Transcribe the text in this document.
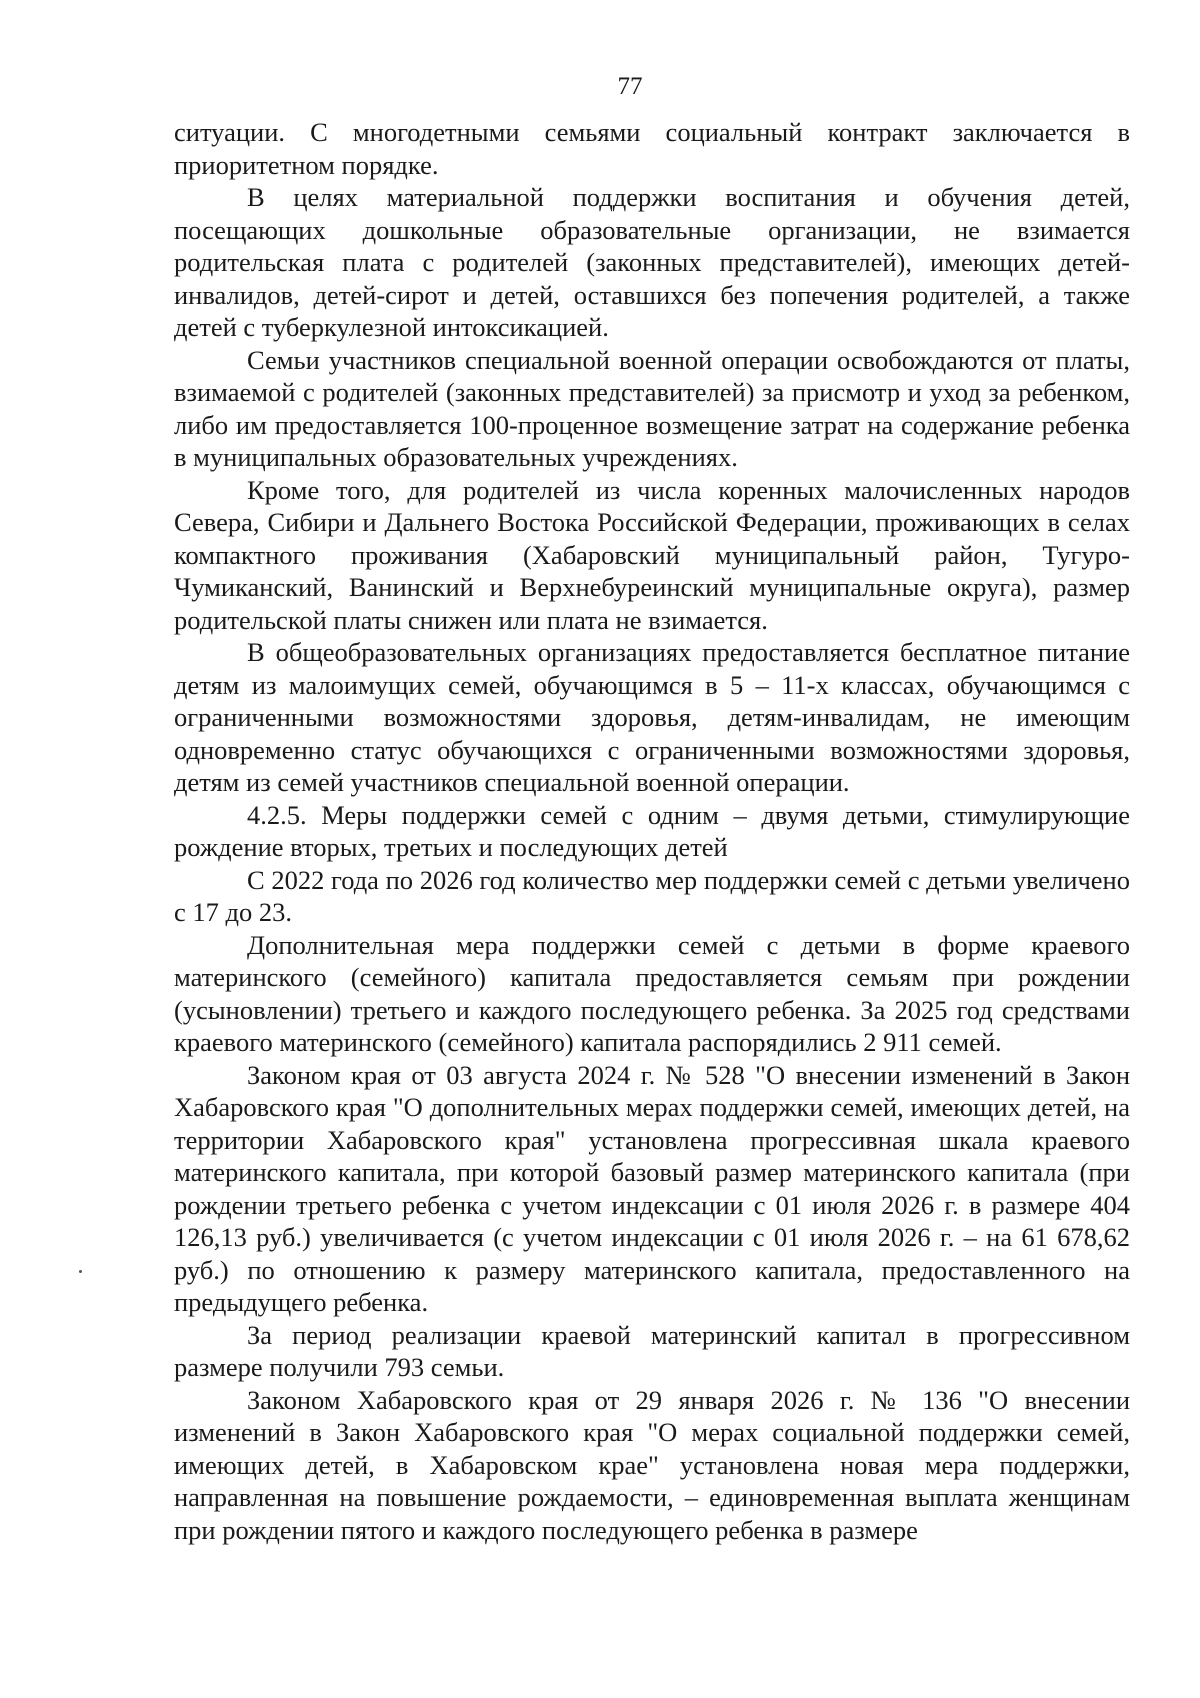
77

ситуации. С многодетными семьями социальный контракт заключается в приоритетном порядке.

В целях материальной поддержки воспитания и обучения детей, посещающих дошкольные образовательные организации, не взимается родительская плата с родителей (законных представителей), имеющих детей-инвалидов, детей-сирот и детей, оставшихся без попечения родителей, а также детей с туберкулезной интоксикацией.

Семьи участников специальной военной операции освобождаются от платы, взимаемой с родителей (законных представителей) за присмотр и уход за ребенком, либо им предоставляется 100-проценное возмещение затрат на содержание ребенка в муниципальных образовательных учреждениях.

Кроме того, для родителей из числа коренных малочисленных народов Севера, Сибири и Дальнего Востока Российской Федерации, проживающих в селах компактного проживания (Хабаровский муниципальный район, Тугуро-Чумиканский, Ванинский и Верхнебуреинский муниципальные округа), размер родительской платы снижен или плата не взимается.

В общеобразовательных организациях предоставляется бесплатное питание детям из малоимущих семей, обучающимся в 5 – 11-х классах, обучающимся с ограниченными возможностями здоровья, детям-инвалидам, не имеющим одновременно статус обучающихся с ограниченными возможностями здоровья, детям из семей участников специальной военной операции.

4.2.5. Меры поддержки семей с одним – двумя детьми, стимулирующие рождение вторых, третьих и последующих детей

С 2022 года по 2026 год количество мер поддержки семей с детьми увеличено с 17 до 23.

Дополнительная мера поддержки семей с детьми в форме краевого материнского (семейного) капитала предоставляется семьям при рождении (усыновлении) третьего и каждого последующего ребенка. За 2025 год средствами краевого материнского (семейного) капитала распорядились 2 911 семей.

Законом края от 03 августа 2024 г. № 528 "О внесении изменений в Закон Хабаровского края "О дополнительных мерах поддержки семей, имеющих детей, на территории Хабаровского края" установлена прогрессивная шкала краевого материнского капитала, при которой базовый размер материнского капитала (при рождении третьего ребенка с учетом индексации с 01 июля 2026 г. в размере 404 126,13 руб.) увеличивается (с учетом индексации с 01 июля 2026 г. – на 61 678,62 руб.) по отношению к размеру материнского капитала, предоставленного на предыдущего ребенка.

За период реализации краевой материнский капитал в прогрессивном размере получили 793 семьи.

Законом Хабаровского края от 29 января 2026 г. № 136 "О внесении изменений в Закон Хабаровского края "О мерах социальной поддержки семей, имеющих детей, в Хабаровском крае" установлена новая мера поддержки, направленная на повышение рождаемости, – единовременная выплата женщинам при рождении пятого и каждого последующего ребенка в размере
